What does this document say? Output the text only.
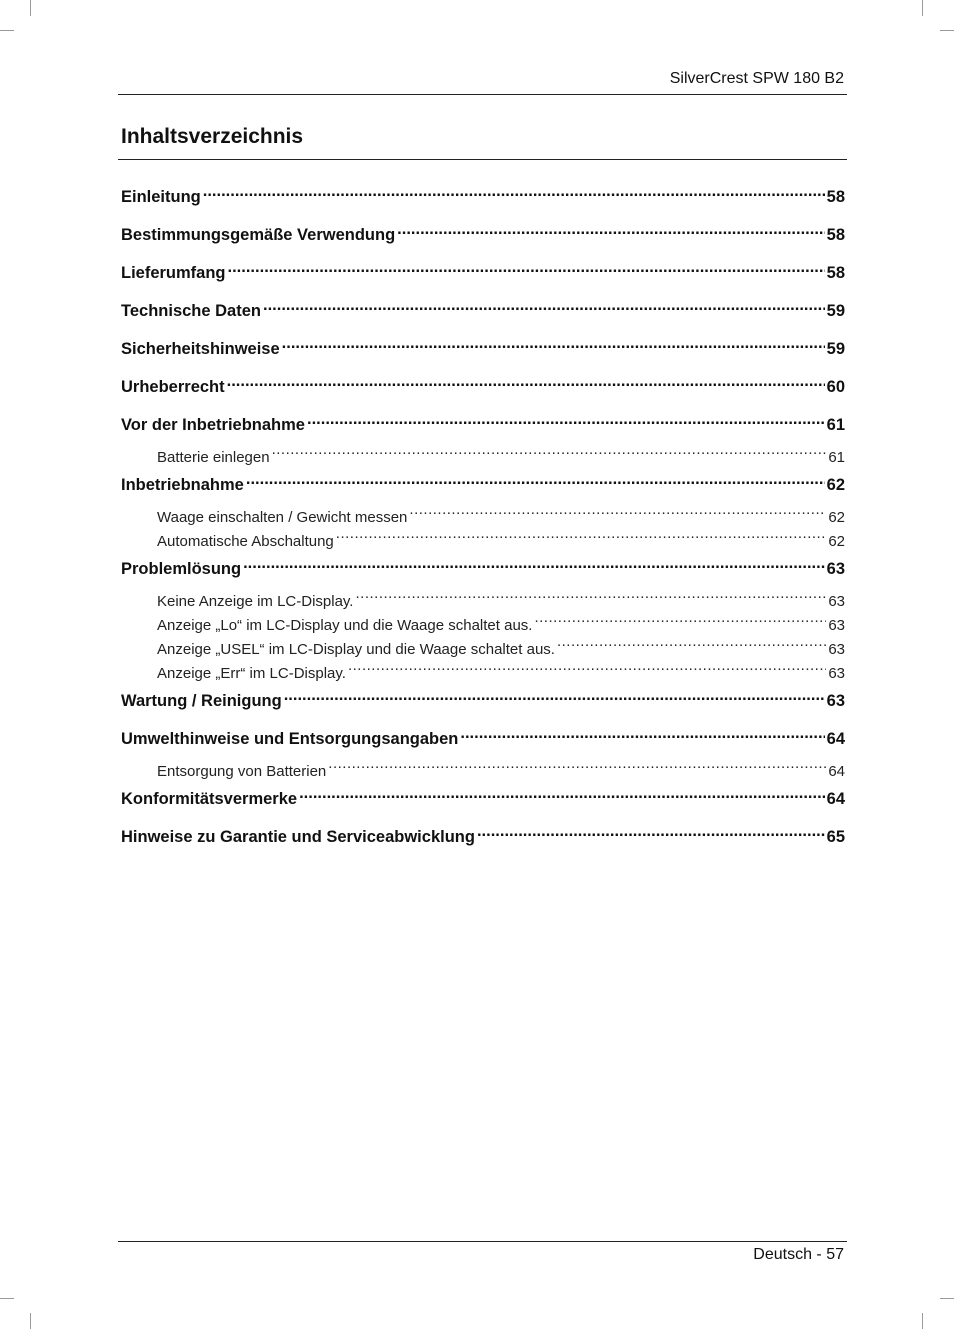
SilverCrest SPW 180 B2
Inhaltsverzeichnis
Einleitung .....	58
Bestimmungsgemäße Verwendung .....	58
Lieferumfang .....	58
Technische Daten .....	59
Sicherheitshinweise .....	59
Urheberrecht .....	60
Vor der Inbetriebnahme .....	61
Batterie einlegen .....	61
Inbetriebnahme .....	62
Waage einschalten / Gewicht messen .....	62
Automatische Abschaltung .....	62
Problemlösung .....	63
Keine Anzeige im LC-Display. .....	63
Anzeige „Lo“ im LC-Display und die Waage schaltet aus. .....	63
Anzeige „USEL“ im LC-Display und die Waage schaltet aus. .....	63
Anzeige „Err“ im LC-Display. .....	63
Wartung / Reinigung .....	63
Umwelthinweise und Entsorgungsangaben .....	64
Entsorgung von Batterien .....	64
Konformitätsvermerke .....	64
Hinweise zu Garantie und Serviceabwicklung .....	65
Deutsch - 57
